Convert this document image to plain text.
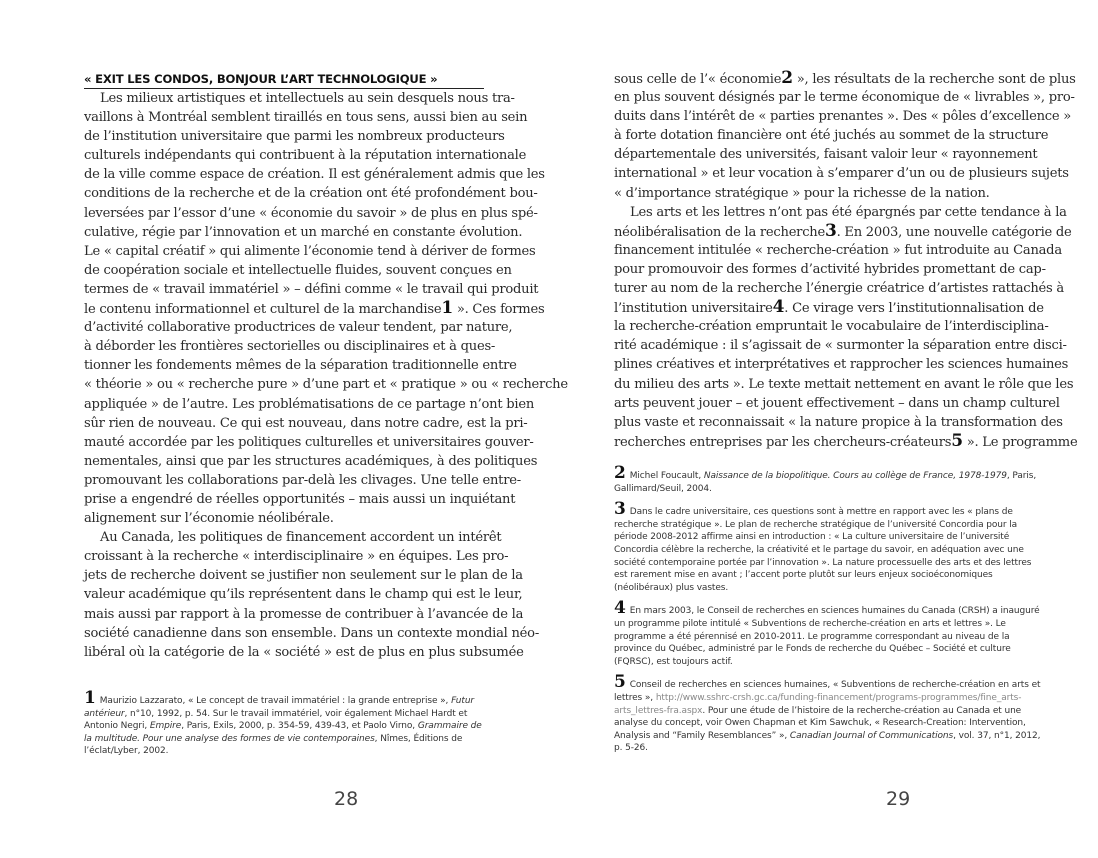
« EXIT LES CONDOS, BONJOUR L’ART TECHNOLOGIQUE »
Les milieux artistiques et intellectuels au sein desquels nous tra-
vaillons à Montréal semblent tiraillés en tous sens, aussi bien au sein
de l’institution universitaire que parmi les nombreux producteurs
culturels indépendants qui contribuent à la réputation internationale
de la ville comme espace de création. Il est généralement admis que les
conditions de la recherche et de la création ont été profondément bou-
leversées par l’essor d’une « économie du savoir » de plus en plus spé-
culative, régie par l’innovation et un marché en constante évolution.
Le « capital créatif » qui alimente l’économie tend à dériver de formes
de coopération sociale et intellectuelle fluides, souvent conçues en
termes de « travail immatériel » – défini comme « le travail qui produit
le contenu informationnel et culturel de la marchandise1 ». Ces formes
d’activité collaborative productrices de valeur tendent, par nature,
à déborder les frontières sectorielles ou disciplinaires et à ques-
tionner les fondements mêmes de la séparation traditionnelle entre
« théorie » ou « recherche pure » d’une part et « pratique » ou « recherche
appliquée » de l’autre. Les problématisations de ce partage n’ont bien
sûr rien de nouveau. Ce qui est nouveau, dans notre cadre, est la pri-
mauté accordée par les politiques culturelles et universitaires gouver-
nementales, ainsi que par les structures académiques, à des politiques
promouvant les collaborations par-delà les clivages. Une telle entre-
prise a engendré de réelles opportunités – mais aussi un inquiétant
alignement sur l’économie néolibérale.
Au Canada, les politiques de financement accordent un intérêt
croissant à la recherche « interdisciplinaire » en équipes. Les pro-
jets de recherche doivent se justifier non seulement sur le plan de la
valeur académique qu’ils représentent dans le champ qui est le leur,
mais aussi par rapport à la promesse de contribuer à l’avancée de la
société canadienne dans son ensemble. Dans un contexte mondial néo-
libéral où la catégorie de la « société » est de plus en plus subsumée
1 Maurizio Lazzarato, « Le concept de travail immatériel : la grande entreprise », Futur antérieur, n°10, 1992, p. 54. Sur le travail immatériel, voir également Michael Hardt et Antonio Negri, Empire, Paris, Exils, 2000, p. 354-59, 439-43, et Paolo Virno, Grammaire de la multitude. Pour une analyse des formes de vie contemporaines, Nîmes, Éditions de l’éclat/Lyber, 2002.
28
sous celle de l’« économie2 », les résultats de la recherche sont de plus
en plus souvent désignés par le terme économique de « livrables », pro-
duits dans l’intérêt de « parties prenantes ». Des « pôles d’excellence »
à forte dotation financière ont été juchés au sommet de la structure
départementale des universités, faisant valoir leur « rayonnement
international » et leur vocation à s’emparer d’un ou de plusieurs sujets
« d’importance stratégique » pour la richesse de la nation.
Les arts et les lettres n’ont pas été épargnés par cette tendance à la
néolibéralisation de la recherche3. En 2003, une nouvelle catégorie de
financement intitulée « recherche-création » fut introduite au Canada
pour promouvoir des formes d’activité hybrides promettant de cap-
turer au nom de la recherche l’énergie créatrice d’artistes rattachés à
l’institution universitaire4. Ce virage vers l’institutionnalisation de
la recherche-création empruntait le vocabulaire de l’interdisciplina-
rité académique : il s’agissait de « surmonter la séparation entre disci-
plines créatives et interprétatives et rapprocher les sciences humaines
du milieu des arts ». Le texte mettait nettement en avant le rôle que les
arts peuvent jouer – et jouent effectivement – dans un champ culturel
plus vaste et reconnaissait « la nature propice à la transformation des
recherches entreprises par les chercheurs-créateurs5 ». Le programme
2 Michel Foucault, Naissance de la biopolitique. Cours au collège de France, 1978-1979, Paris, Gallimard/Seuil, 2004.
3 Dans le cadre universitaire, ces questions sont à mettre en rapport avec les « plans de recherche stratégique ». Le plan de recherche stratégique de l’université Concordia pour la période 2008-2012 affirme ainsi en introduction : « La culture universitaire de l’université Concordia célèbre la recherche, la créativité et le partage du savoir, en adéquation avec une société contemporaine portée par l’innovation ». La nature processuelle des arts et des lettres est rarement mise en avant ; l’accent porte plutôt sur leurs enjeux socioéconomiques (néolibéraux) plus vastes.
4 En mars 2003, le Conseil de recherches en sciences humaines du Canada (CRSH) a inauguré un programme pilote intitulé « Subventions de recherche-création en arts et lettres ». Le programme a été pérennisé en 2010-2011. Le programme correspondant au niveau de la province du Québec, administré par le Fonds de recherche du Québec – Société et culture (FQRSC), est toujours actif.
5 Conseil de recherches en sciences humaines, « Subventions de recherche-création en arts et lettres », http://www.sshrc-crsh.gc.ca/funding-financement/programs-programmes/fine_arts-arts_lettres-fra.aspx. Pour une étude de l’histoire de la recherche-création au Canada et une analyse du concept, voir Owen Chapman et Kim Sawchuk, « Research-Creation: Intervention, Analysis and “Family Resemblances” », Canadian Journal of Communications, vol. 37, n°1, 2012, p. 5-26.
29
